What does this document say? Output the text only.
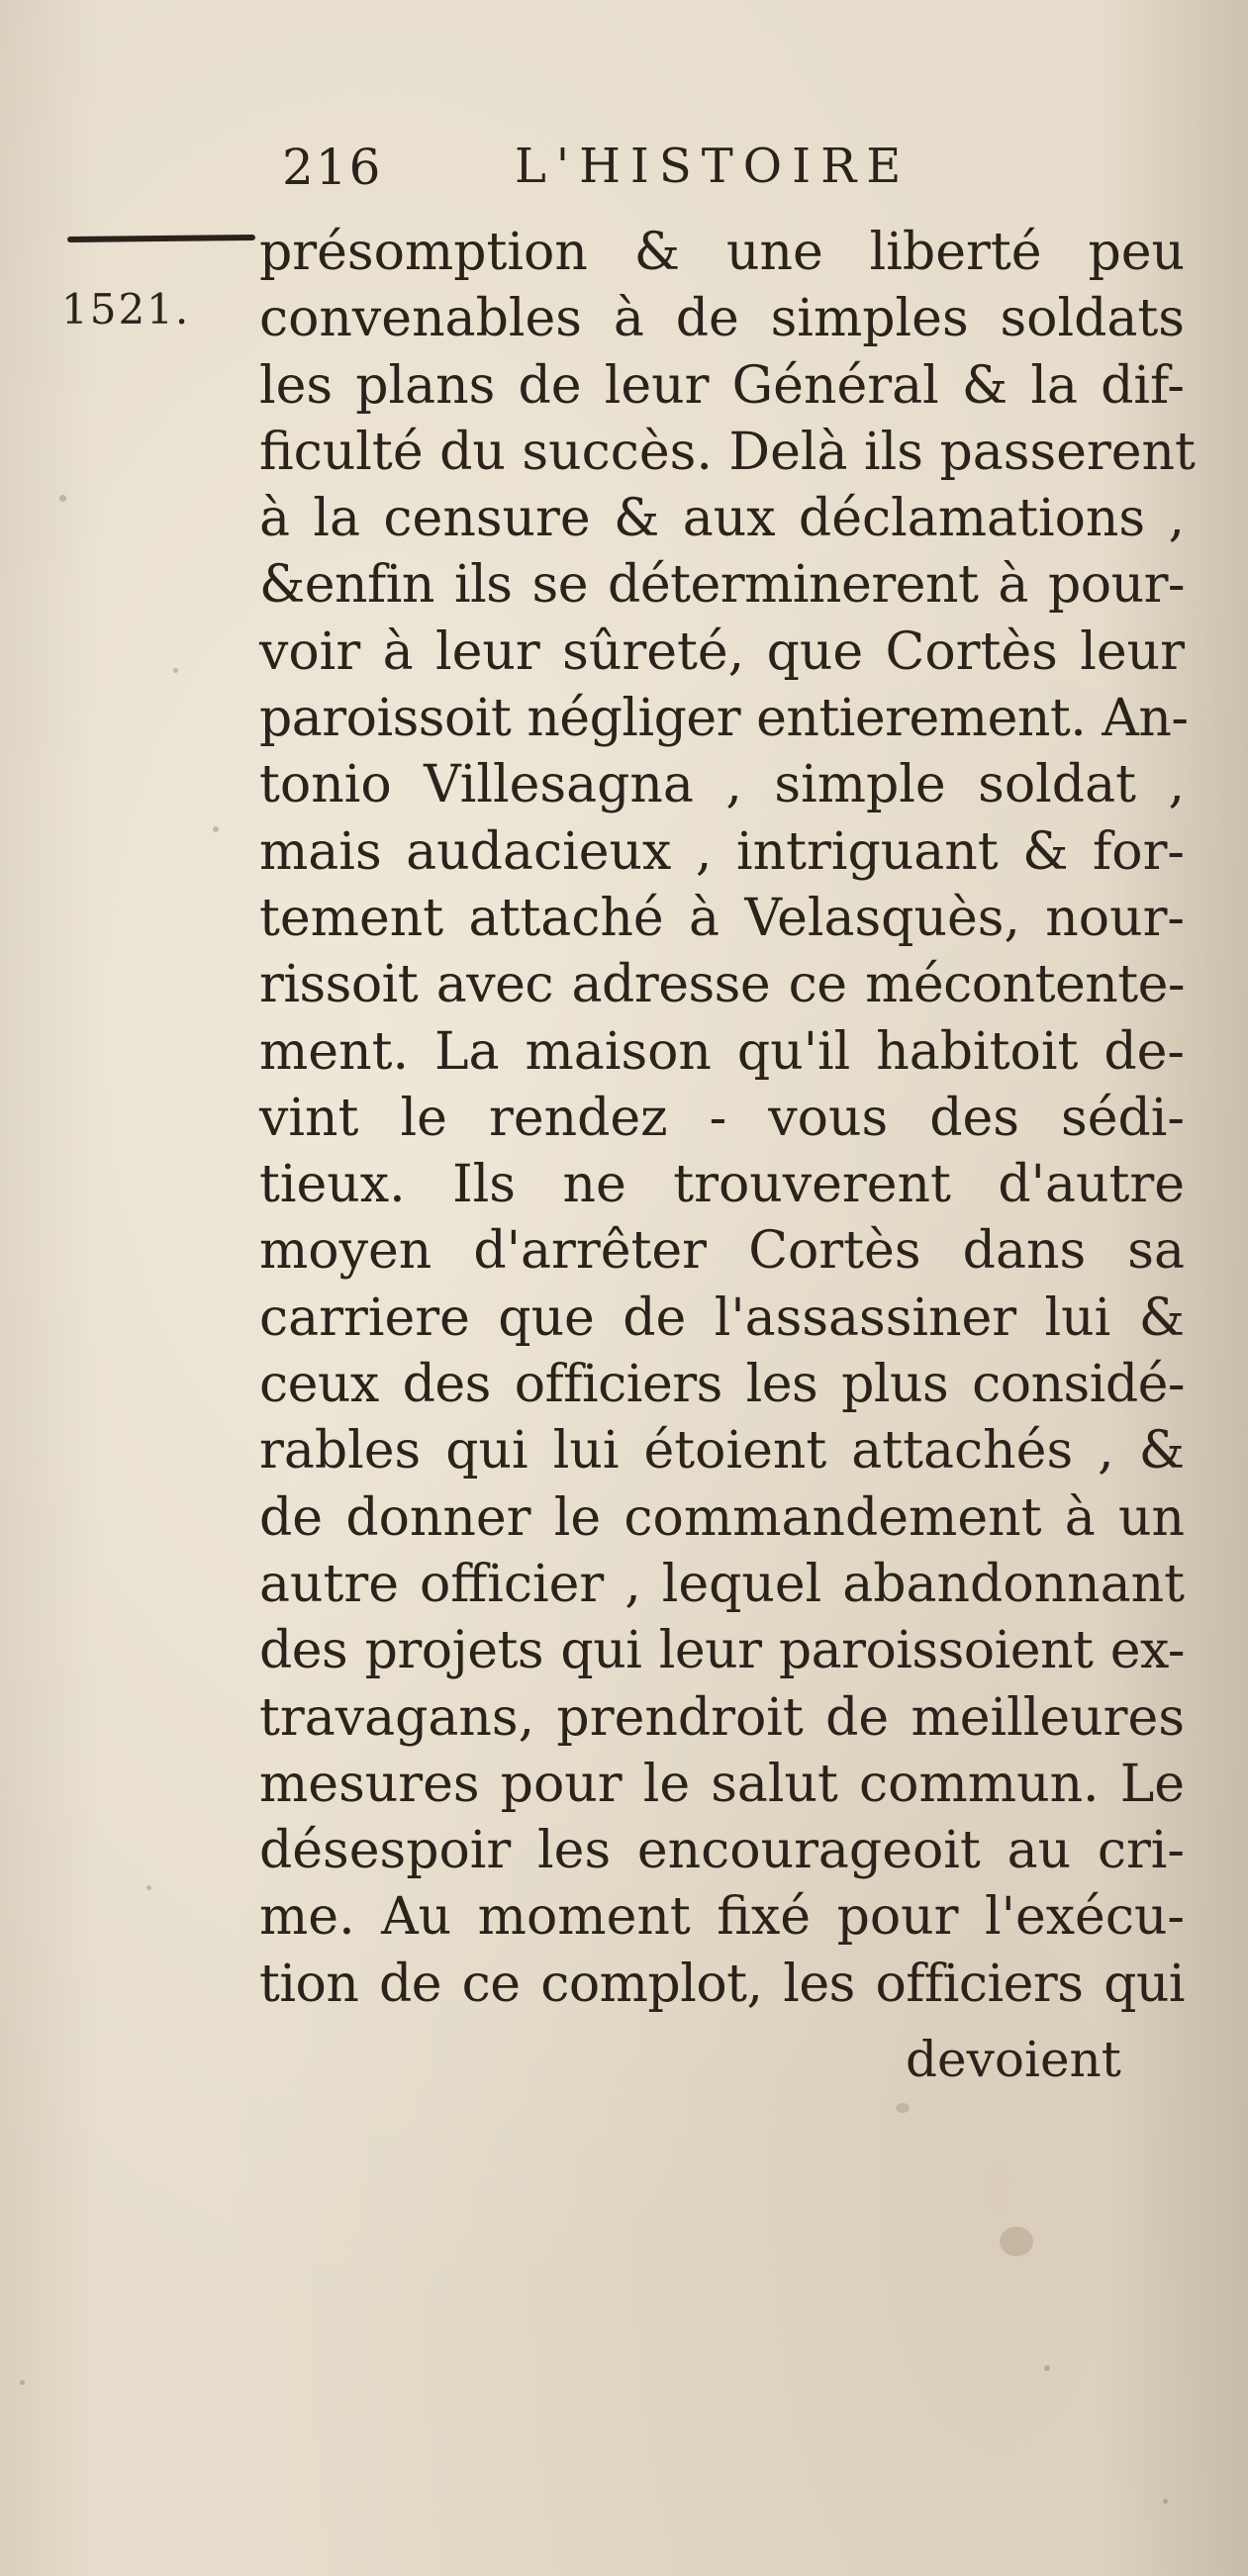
216	L'HISTOIRE
1521.
présomption & une liberté peu
convenables à de simples soldats
les plans de leur Général & la dif-
ficulté du succès. Delà ils passerent
à la censure & aux déclamations ,
&enfin ils se déterminerent à pour-
voir à leur sûreté, que Cortès leur
paroissoit négliger entierement. An-
tonio Villesagna , simple soldat ,
mais audacieux , intriguant & for-
tement attaché à Velasquès, nour-
rissoit avec adresse ce mécontente-
ment. La maison qu'il habitoit de-
vint le rendez - vous des sédi-
tieux. Ils ne trouverent d'autre
moyen d'arrêter Cortès dans sa
carriere que de l'assassiner lui &
ceux des officiers les plus considé-
rables qui lui étoient attachés , &
de donner le commandement à un
autre officier , lequel abandonnant
des projets qui leur paroissoient ex-
travagans, prendroit de meilleures
mesures pour le salut commun. Le
désespoir les encourageoit au cri-
me. Au moment fixé pour l'exécu-
tion de ce complot, les officiers qui
devoient
